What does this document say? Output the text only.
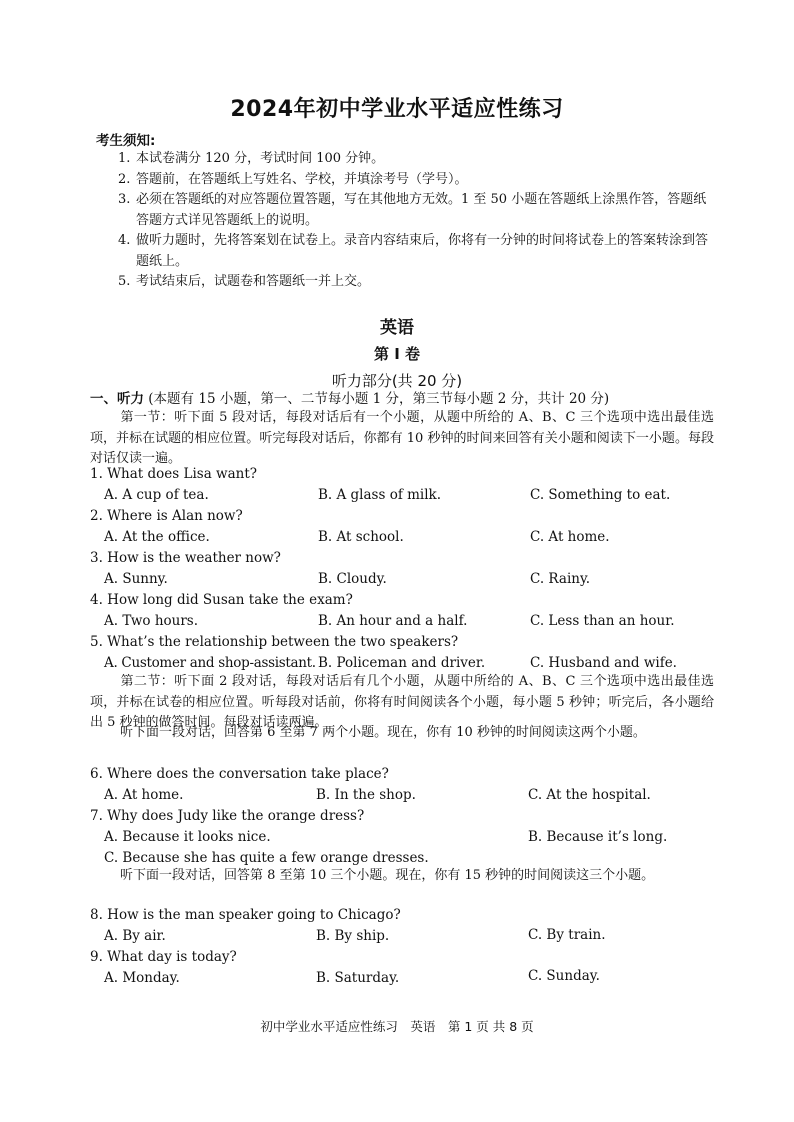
2024年初中学业水平适应性练习
考生须知:
1. 本试卷满分 120 分，考试时间 100 分钟。
2. 答题前，在答题纸上写姓名、学校，并填涂考号（学号）。
3. 必须在答题纸的对应答题位置答题，写在其他地方无效。1 至 50 小题在答题纸上涂黑作答，答题纸答题方式详见答题纸上的说明。
4. 做听力题时，先将答案划在试卷上。录音内容结束后，你将有一分钟的时间将试卷上的答案转涂到答题纸上。
5. 考试结束后，试题卷和答题纸一并上交。
英语
第 I 卷
听力部分(共 20 分)
一、听力 (本题有 15 小题，第一、二节每小题 1 分，第三节每小题 2 分，共计 20 分)
第一节：听下面 5 段对话，每段对话后有一个小题，从题中所给的 A、B、C 三个选项中选出最佳选项，并标在试题的相应位置。听完每段对话后，你都有 10 秒钟的时间来回答有关小题和阅读下一小题。每段对话仅读一遍。
1. What does Lisa want?
A. A cup of tea.	B. A glass of milk.	C. Something to eat.
2. Where is Alan now?
A. At the office.	B. At school.	C. At home.
3. How is the weather now?
A. Sunny.	B. Cloudy.	C. Rainy.
4. How long did Susan take the exam?
A. Two hours.	B. An hour and a half.	C. Less than an hour.
5. What’s the relationship between the two speakers?
A. Customer and shop-assistant. B. Policeman and driver.	C. Husband and wife.
第二节：听下面 2 段对话，每段对话后有几个小题，从题中所给的 A、B、C 三个选项中选出最佳选项，并标在试卷的相应位置。听每段对话前，你将有时间阅读各个小题，每小题 5 秒钟；听完后，各小题给出 5 秒钟的做答时间。每段对话读两遍。
听下面一段对话，回答第 6 至第 7 两个小题。现在，你有 10 秒钟的时间阅读这两个小题。
6. Where does the conversation take place?
A. At home.	B. In the shop.	C. At the hospital.
7. Why does Judy like the orange dress?
A. Because it looks nice.	B. Because it’s long.
C. Because she has quite a few orange dresses.
听下面一段对话，回答第 8 至第 10 三个小题。现在，你有 15 秒钟的时间阅读这三个小题。
8. How is the man speaker going to Chicago?
A. By air.	B. By ship.	C. By train.
9. What day is today?
A. Monday.	B. Saturday.	C. Sunday.
初中学业水平适应性练习　英语　第 1 页 共 8 页
